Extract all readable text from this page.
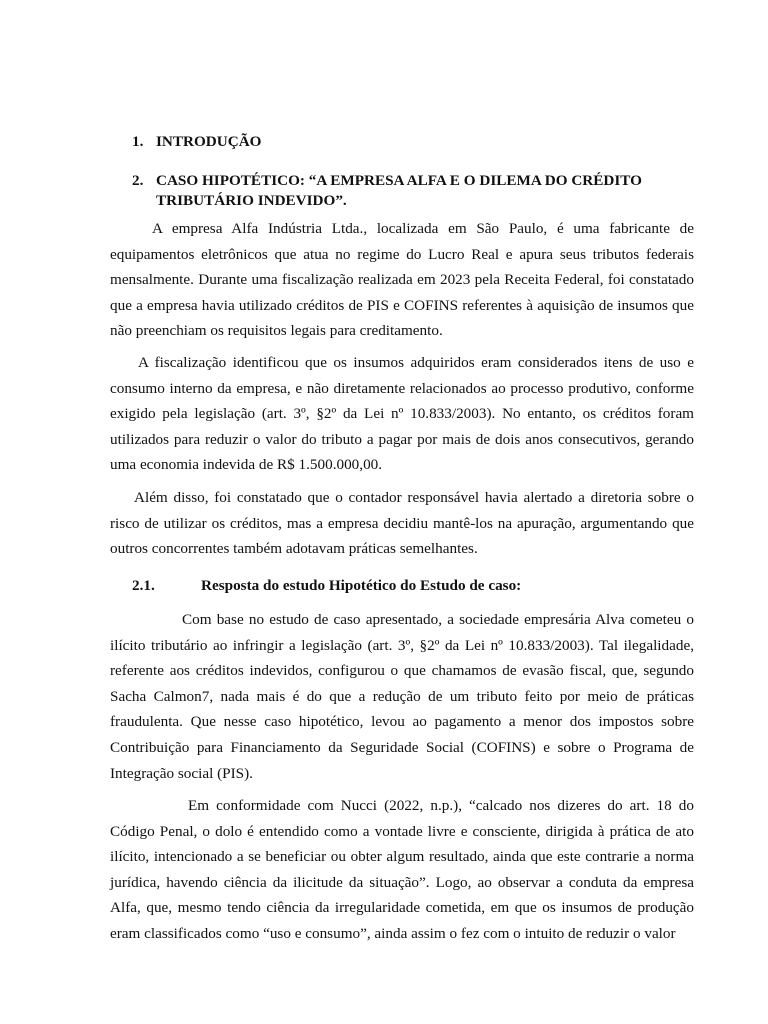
1. INTRODUÇÃO
2. CASO HIPOTÉTICO: “A EMPRESA ALFA E O DILEMA DO CRÉDITO TRIBUTÁRIO INDEVIDO”.

A empresa Alfa Indústria Ltda., localizada em São Paulo, é uma fabricante de equipamentos eletrônicos que atua no regime do Lucro Real e apura seus tributos federais mensalmente. Durante uma fiscalização realizada em 2023 pela Receita Federal, foi constatado que a empresa havia utilizado créditos de PIS e COFINS referentes à aquisição de insumos que não preenchiam os requisitos legais para creditamento.

A fiscalização identificou que os insumos adquiridos eram considerados itens de uso e consumo interno da empresa, e não diretamente relacionados ao processo produtivo, conforme exigido pela legislação (art. 3º, §2º da Lei nº 10.833/2003). No entanto, os créditos foram utilizados para reduzir o valor do tributo a pagar por mais de dois anos consecutivos, gerando uma economia indevida de R$ 1.500.000,00.

Além disso, foi constatado que o contador responsável havia alertado a diretoria sobre o risco de utilizar os créditos, mas a empresa decidiu mantê-los na apuração, argumentando que outros concorrentes também adotavam práticas semelhantes.

2.1.	Resposta do estudo Hipotético do Estudo de caso:

Com base no estudo de caso apresentado, a sociedade empresária Alva cometeu o ilícito tributário ao infringir a legislação (art. 3º, §2º da Lei nº 10.833/2003). Tal ilegalidade, referente aos créditos indevidos, configurou o que chamamos de evasão fiscal, que, segundo Sacha Calmon7, nada mais é do que a redução de um tributo feito por meio de práticas fraudulenta. Que nesse caso hipotético, levou ao pagamento a menor dos impostos sobre Contribuição para Financiamento da Seguridade Social (COFINS) e sobre o Programa de Integração social (PIS).

Em conformidade com Nucci (2022, n.p.), “calcado nos dizeres do art. 18 do Código Penal, o dolo é entendido como a vontade livre e consciente, dirigida à prática de ato ilícito, intencionado a se beneficiar ou obter algum resultado, ainda que este contrarie a norma jurídica, havendo ciência da ilicitude da situação”. Logo, ao observar a conduta da empresa Alfa, que, mesmo tendo ciência da irregularidade cometida, em que os insumos de produção eram classificados como “uso e consumo”, ainda assim o fez com o intuito de reduzir o valor
